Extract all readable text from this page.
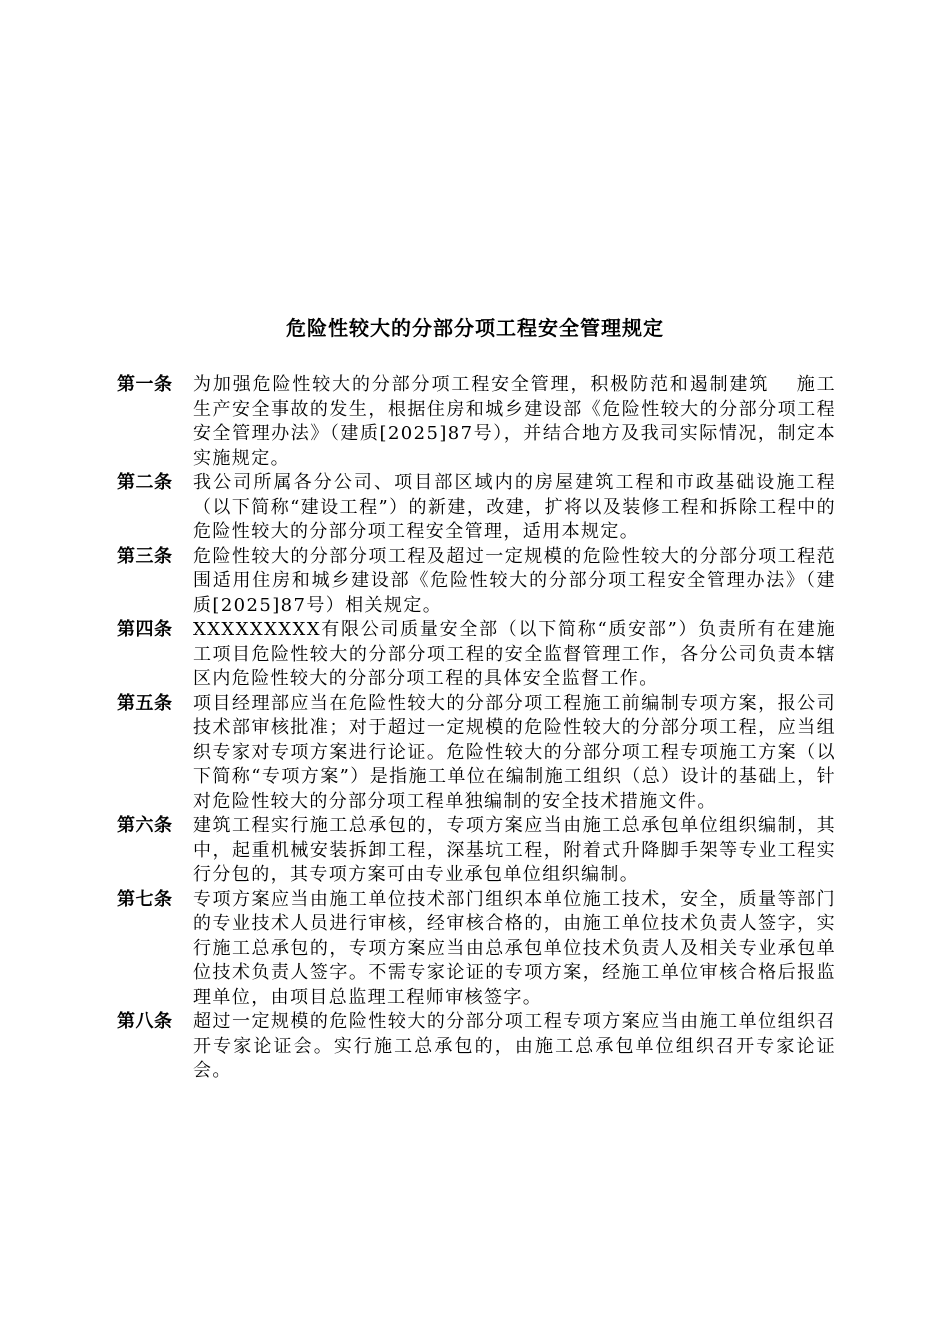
危险性较大的分部分项工程安全管理规定
第一条	为加强危险性较大的分部分项工程安全管理，积极防范和遏制建筑　 施工生产安全事故的发生，根据住房和城乡建设部《危险性较大的分部分项工程安全管理办法》（建质[2025]87号），并结合地方及我司实际情况，制定本实施规定。
第二条	我公司所属各分公司、项目部区域内的房屋建筑工程和市政基础设施工程（以下简称“建设工程”）的新建，改建，扩将以及装修工程和拆除工程中的危险性较大的分部分项工程安全管理，适用本规定。
第三条	危险性较大的分部分项工程及超过一定规模的危险性较大的分部分项工程范围适用住房和城乡建设部《危险性较大的分部分项工程安全管理办法》（建质[2025]87号）相关规定。
第四条	XXXXXXXXX有限公司质量安全部（以下简称“质安部”）负责所有在建施工项目危险性较大的分部分项工程的安全监督管理工作，各分公司负责本辖区内危险性较大的分部分项工程的具体安全监督工作。
第五条	项目经理部应当在危险性较大的分部分项工程施工前编制专项方案，报公司技术部审核批准；对于超过一定规模的危险性较大的分部分项工程，应当组织专家对专项方案进行论证。危险性较大的分部分项工程专项施工方案（以下简称“专项方案”）是指施工单位在编制施工组织（总）设计的基础上，针对危险性较大的分部分项工程单独编制的安全技术措施文件。
第六条	建筑工程实行施工总承包的，专项方案应当由施工总承包单位组织编制，其中，起重机械安装拆卸工程，深基坑工程，附着式升降脚手架等专业工程实行分包的，其专项方案可由专业承包单位组织编制。
第七条	专项方案应当由施工单位技术部门组织本单位施工技术，安全，质量等部门的专业技术人员进行审核，经审核合格的，由施工单位技术负责人签字，实行施工总承包的，专项方案应当由总承包单位技术负责人及相关专业承包单位技术负责人签字。不需专家论证的专项方案，经施工单位审核合格后报监理单位，由项目总监理工程师审核签字。
第八条	超过一定规模的危险性较大的分部分项工程专项方案应当由施工单位组织召开专家论证会。实行施工总承包的，由施工总承包单位组织召开专家论证会。
